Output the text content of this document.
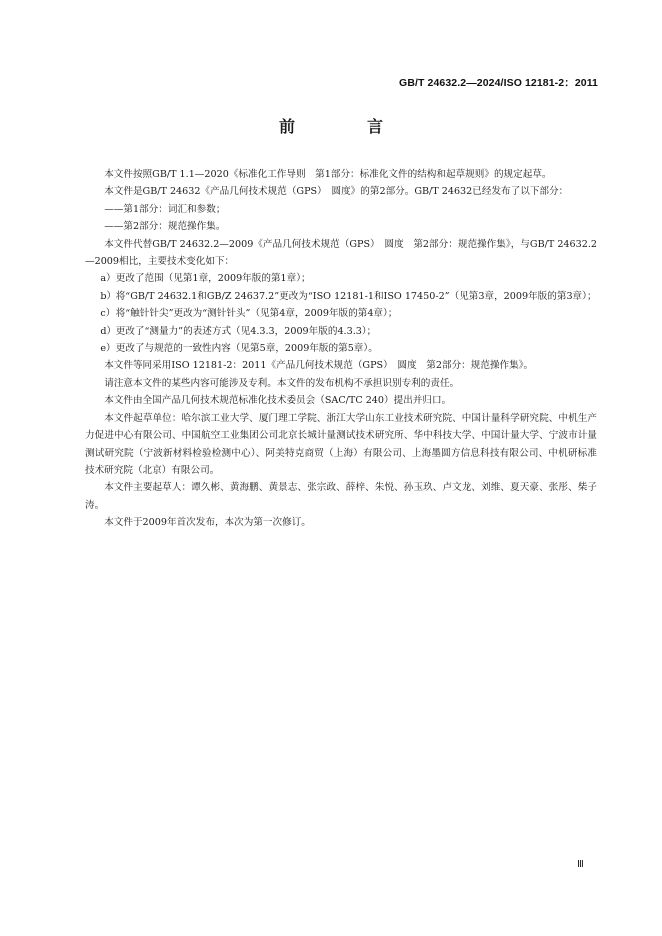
GB/T 24632.2—2024/ISO 12181-2：2011
前　言

本文件按照GB/T 1.1—2020《标准化工作导则　第1部分：标准化文件的结构和起草规则》的规定起草。

本文件是GB/T 24632《产品几何技术规范（GPS）　圆度》的第2部分。GB/T 24632已经发布了以下部分：

——第1部分：词汇和参数；

——第2部分：规范操作集。

本文件代替GB/T 24632.2—2009《产品几何技术规范（GPS）　圆度　第2部分：规范操作集》，与GB/T 24632.2—2009相比，主要技术变化如下：

a）更改了范围（见第1章，2009年版的第1章）；

b）将“GB/T 24632.1和GB/Z 24637.2”更改为“ISO 12181-1和ISO 17450-2”（见第3章，2009年版的第3章）；

c）将“触针针尖”更改为“测针针头”（见第4章，2009年版的第4章）；

d）更改了“测量力”的表述方式（见4.3.3，2009年版的4.3.3）；

e）更改了与规范的一致性内容（见第5章，2009年版的第5章）。

本文件等同采用ISO 12181-2：2011《产品几何技术规范（GPS）　圆度　第2部分：规范操作集》。

请注意本文件的某些内容可能涉及专利。本文件的发布机构不承担识别专利的责任。

本文件由全国产品几何技术规范标准化技术委员会（SAC/TC 240）提出并归口。

本文件起草单位：哈尔滨工业大学、厦门理工学院、浙江大学山东工业技术研究院、中国计量科学研究院、中机生产力促进中心有限公司、中国航空工业集团公司北京长城计量测试技术研究所、华中科技大学、中国计量大学、宁波市计量测试研究院（宁波新材料检验检测中心）、阿美特克商贸（上海）有限公司、上海墨圆方信息科技有限公司、中机研标准技术研究院（北京）有限公司。

本文件主要起草人：谭久彬、黄海鹏、黄景志、张宗政、薛梓、朱悦、孙玉玖、卢文龙、刘维、夏天豪、张彤、柴子涛。

本文件于2009年首次发布，本次为第一次修订。

Ⅲ
